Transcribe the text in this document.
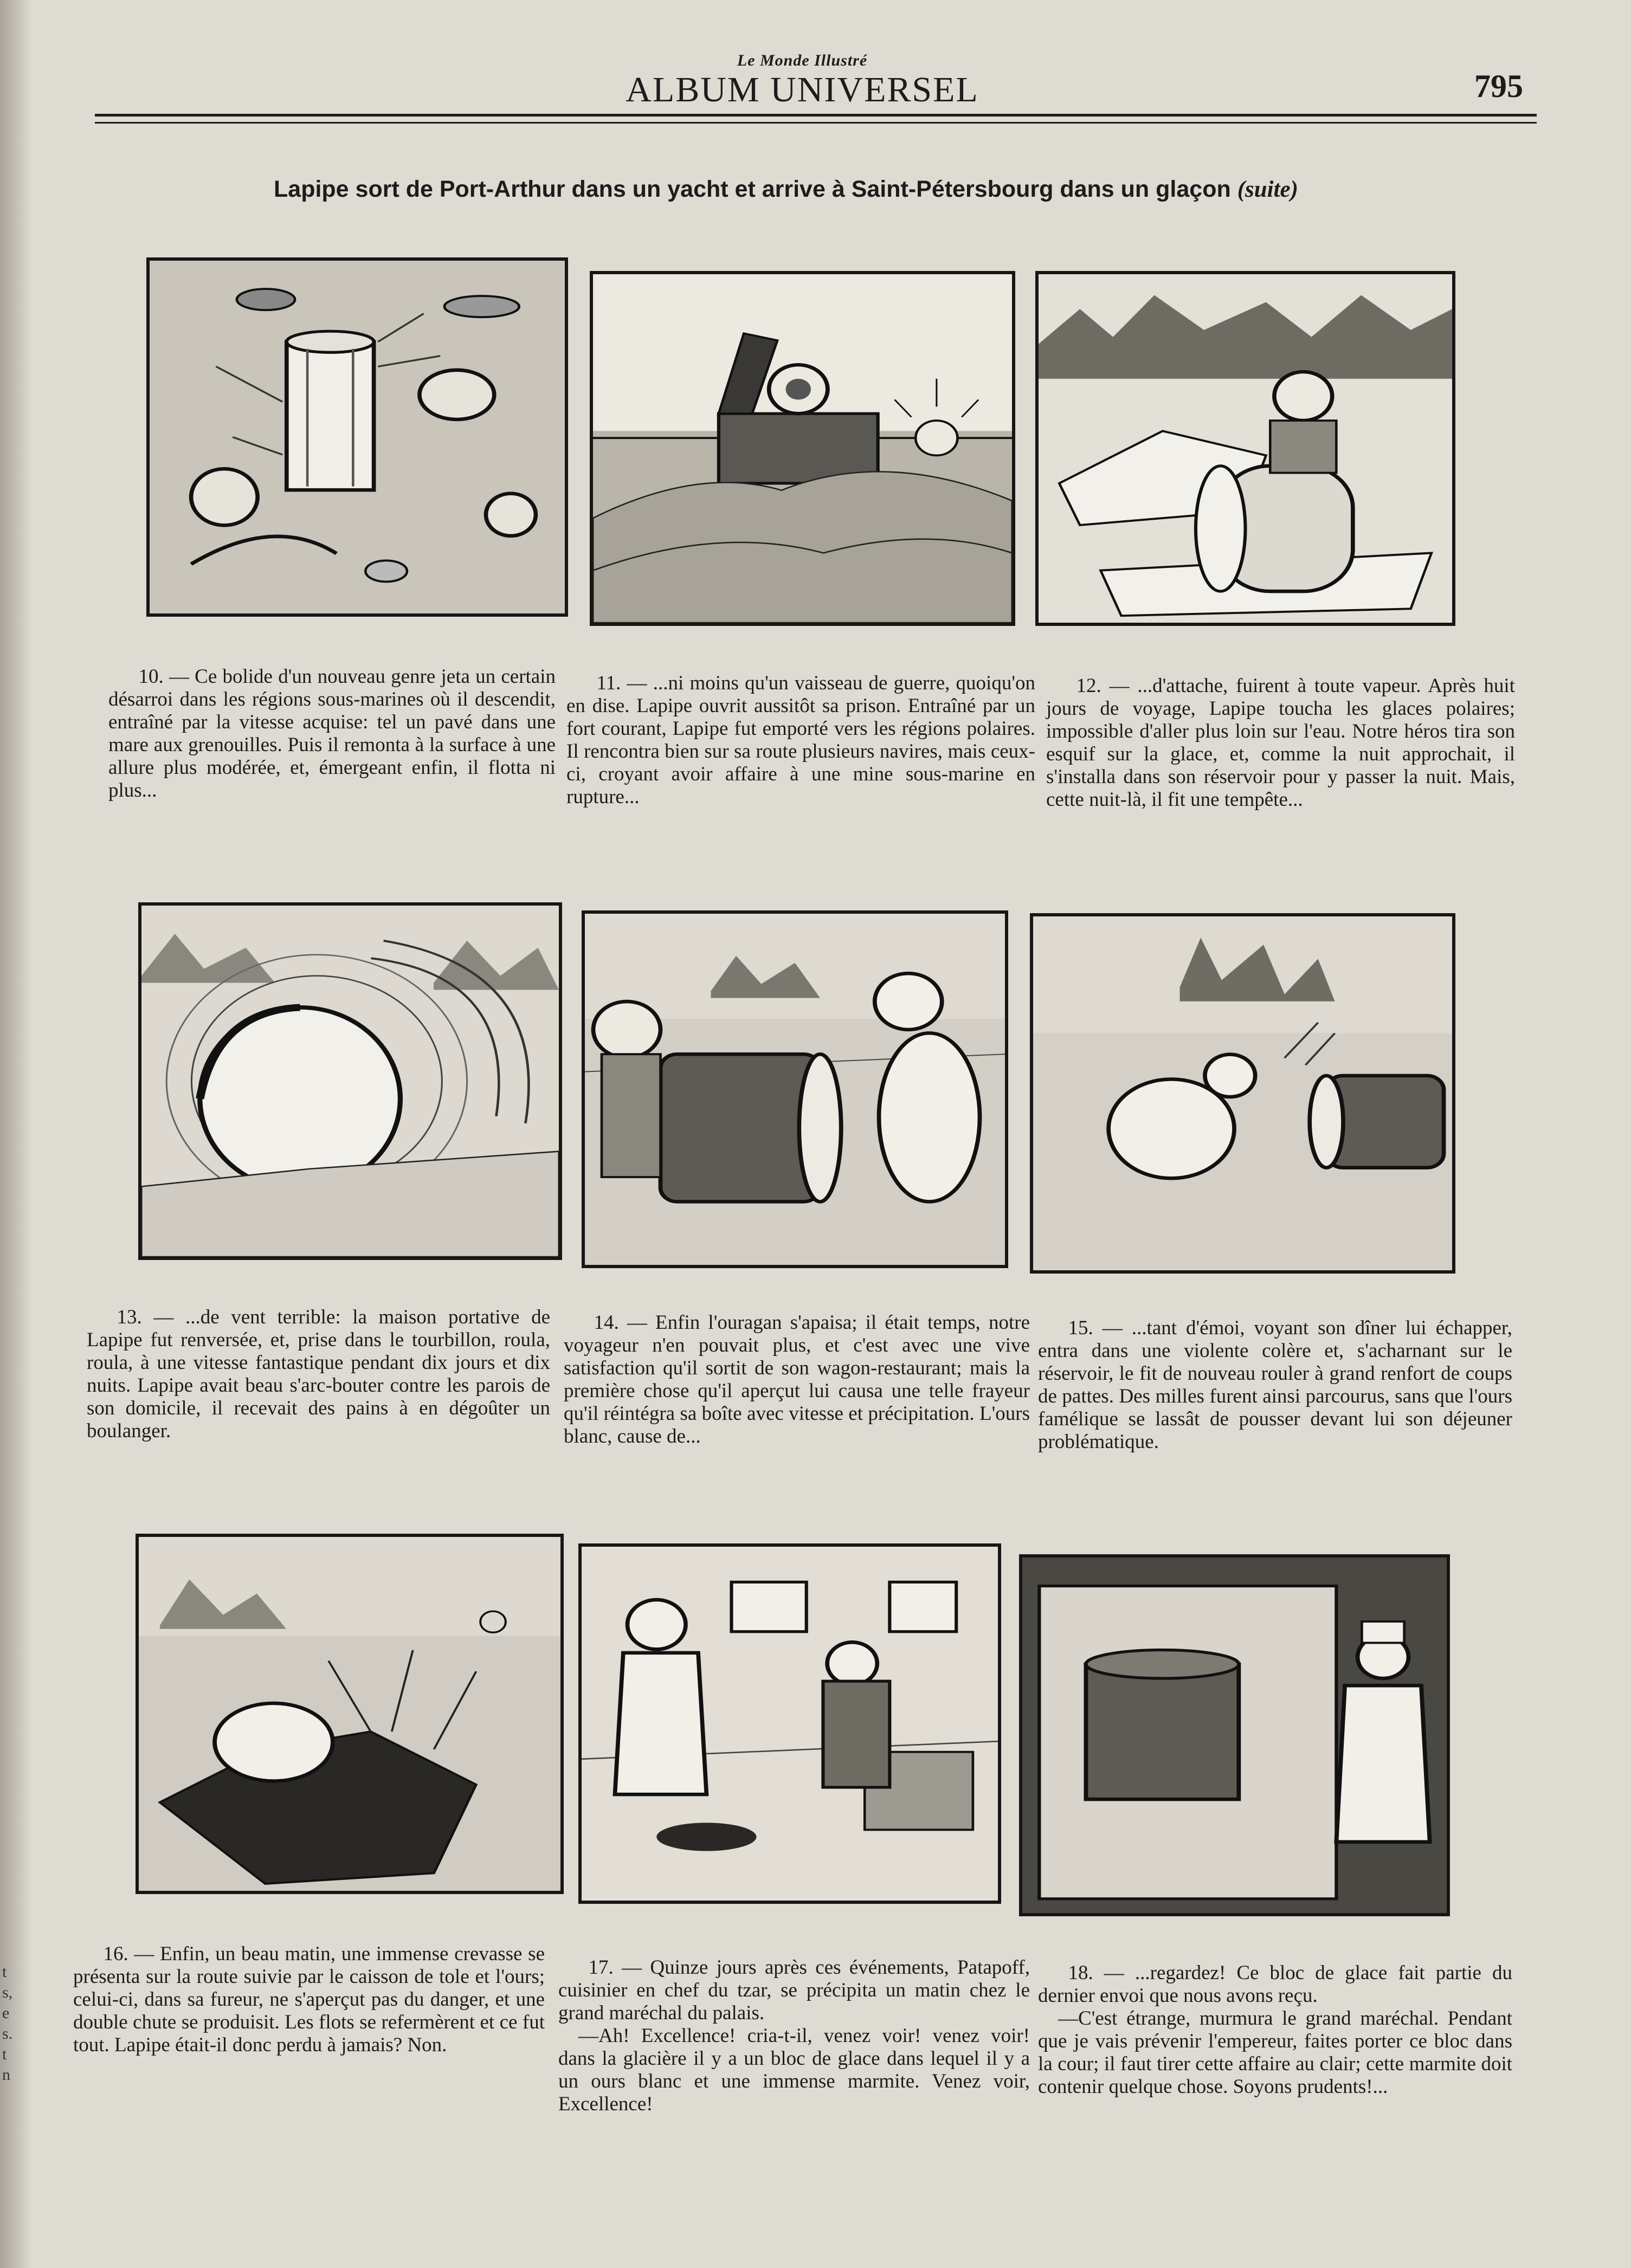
t
s,
e
s.
t
n
Le Monde Illustré
ALBUM UNIVERSEL	795
Lapipe sort de Port-Arthur dans un yacht et arrive à Saint-Pétersbourg dans un glaçon (suite)

10. — Ce bolide d'un nouveau genre jeta un certain désarroi dans les régions sous-marines où il descendit, entraîné par la vitesse acquise: tel un pavé dans une mare aux grenouilles. Puis il remonta à la surface à une allure plus modérée, et, émergeant enfin, il flotta ni plus...

11. — ...ni moins qu'un vaisseau de guerre, quoiqu'on en dise. Lapipe ouvrit aussitôt sa prison. Entraîné par un fort courant, Lapipe fut emporté vers les régions polaires. Il rencontra bien sur sa route plusieurs navires, mais ceux-ci, croyant avoir affaire à une mine sous-marine en rupture...

12. — ...d'attache, fuirent à toute vapeur. Après huit jours de voyage, Lapipe toucha les glaces polaires; impossible d'aller plus loin sur l'eau. Notre héros tira son esquif sur la glace, et, comme la nuit approchait, il s'installa dans son réservoir pour y passer la nuit. Mais, cette nuit-là, il fit une tempête...

13. — ...de vent terrible: la maison portative de Lapipe fut renversée, et, prise dans le tourbillon, roula, roula, à une vitesse fantastique pendant dix jours et dix nuits. Lapipe avait beau s'arc-bouter contre les parois de son domicile, il recevait des pains à en dégoûter un boulanger.

14. — Enfin l'ouragan s'apaisa; il était temps, notre voyageur n'en pouvait plus, et c'est avec une vive satisfaction qu'il sortit de son wagon-restaurant; mais la première chose qu'il aperçut lui causa une telle frayeur qu'il réintégra sa boîte avec vitesse et précipitation. L'ours blanc, cause de...

15. — ...tant d'émoi, voyant son dîner lui échapper, entra dans une violente colère et, s'acharnant sur le réservoir, le fit de nouveau rouler à grand renfort de coups de pattes. Des milles furent ainsi parcourus, sans que l'ours famélique se lassât de pousser devant lui son déjeuner problématique.

16. — Enfin, un beau matin, une immense crevasse se présenta sur la route suivie par le caisson de tole et l'ours; celui-ci, dans sa fureur, ne s'aperçut pas du danger, et une double chute se produisit. Les flots se refermèrent et ce fut tout. Lapipe était-il donc perdu à jamais? Non.

17. — Quinze jours après ces événements, Patapoff, cuisinier en chef du tzar, se précipita un matin chez le grand maréchal du palais.

—Ah! Excellence! cria-t-il, venez voir! venez voir! dans la glacière il y a un bloc de glace dans lequel il y a un ours blanc et une immense marmite. Venez voir, Excellence!

18. — ...regardez! Ce bloc de glace fait partie du dernier envoi que nous avons reçu.

—C'est étrange, murmura le grand maréchal. Pendant que je vais prévenir l'empereur, faites porter ce bloc dans la cour; il faut tirer cette affaire au clair; cette marmite doit contenir quelque chose. Soyons prudents!...
